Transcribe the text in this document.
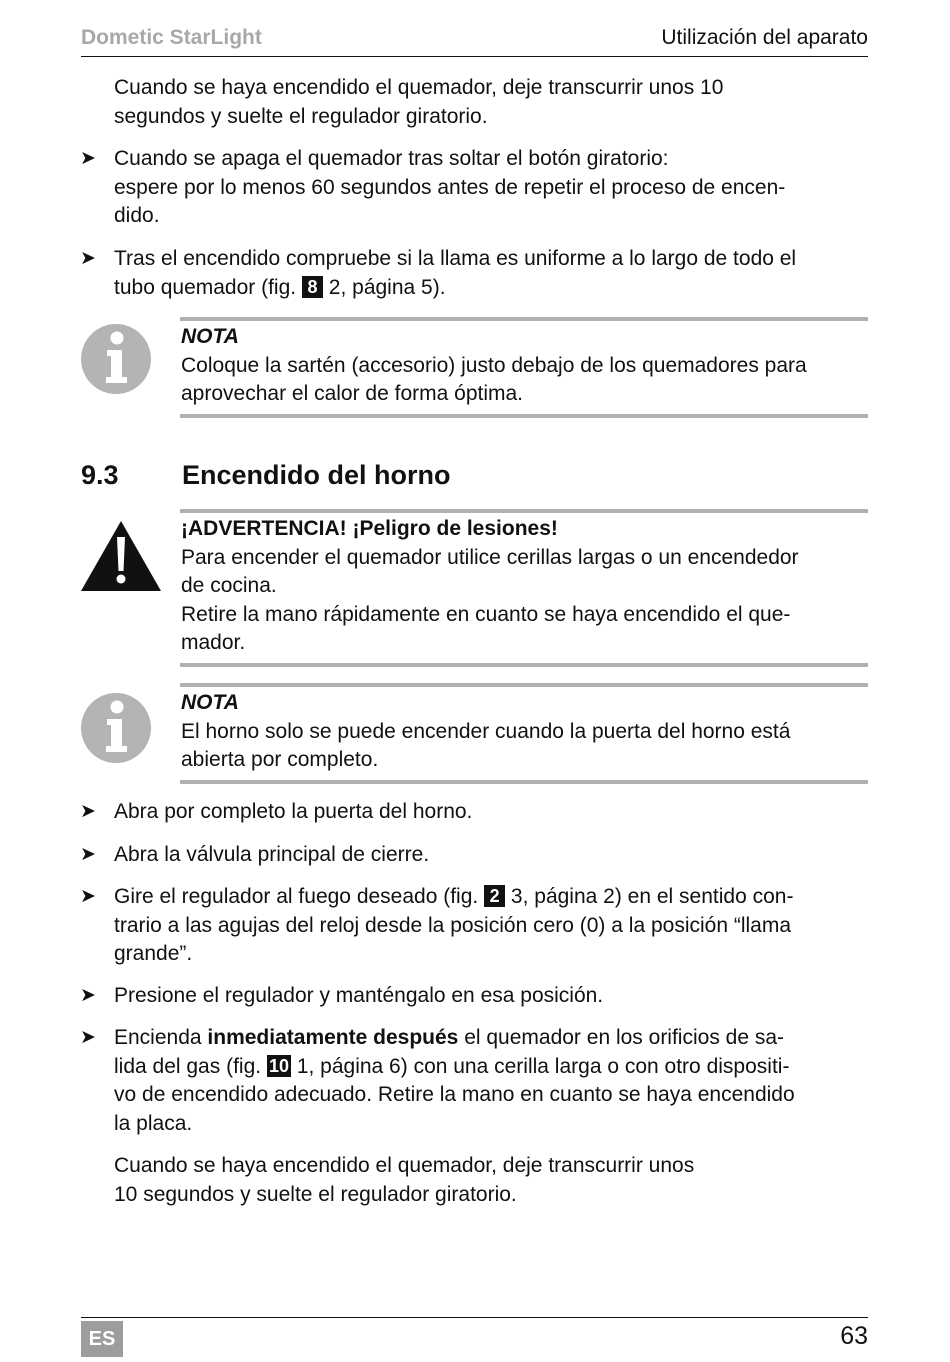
Dometic StarLight	Utilización del aparato
Cuando se haya encendido el quemador, deje transcurrir unos 10
segundos y suelte el regulador giratorio.
➤ Cuando se apaga el quemador tras soltar el botón giratorio:
espere por lo menos 60 segundos antes de repetir el proceso de encen-
dido.
➤ Tras el encendido compruebe si la llama es uniforme a lo largo de todo el
tubo quemador (fig. 8 2, página 5).
NOTA
Coloque la sartén (accesorio) justo debajo de los quemadores para
aprovechar el calor de forma óptima.
9.3 Encendido del horno
¡ADVERTENCIA! ¡Peligro de lesiones!
Para encender el quemador utilice cerillas largas o un encendedor
de cocina.
Retire la mano rápidamente en cuanto se haya encendido el que-
mador.
NOTA
El horno solo se puede encender cuando la puerta del horno está
abierta por completo.
➤ Abra por completo la puerta del horno.
➤ Abra la válvula principal de cierre.
➤ Gire el regulador al fuego deseado (fig. 2 3, página 2) en el sentido con-
trario a las agujas del reloj desde la posición cero (0) a la posición “llama
grande”.
➤ Presione el regulador y manténgalo en esa posición.
➤ Encienda inmediatamente después el quemador en los orificios de sa-
lida del gas (fig. 10 1, página 6) con una cerilla larga o con otro dispositi-
vo de encendido adecuado. Retire la mano en cuanto se haya encendido
la placa.
Cuando se haya encendido el quemador, deje transcurrir unos
10 segundos y suelte el regulador giratorio.
ES	63
